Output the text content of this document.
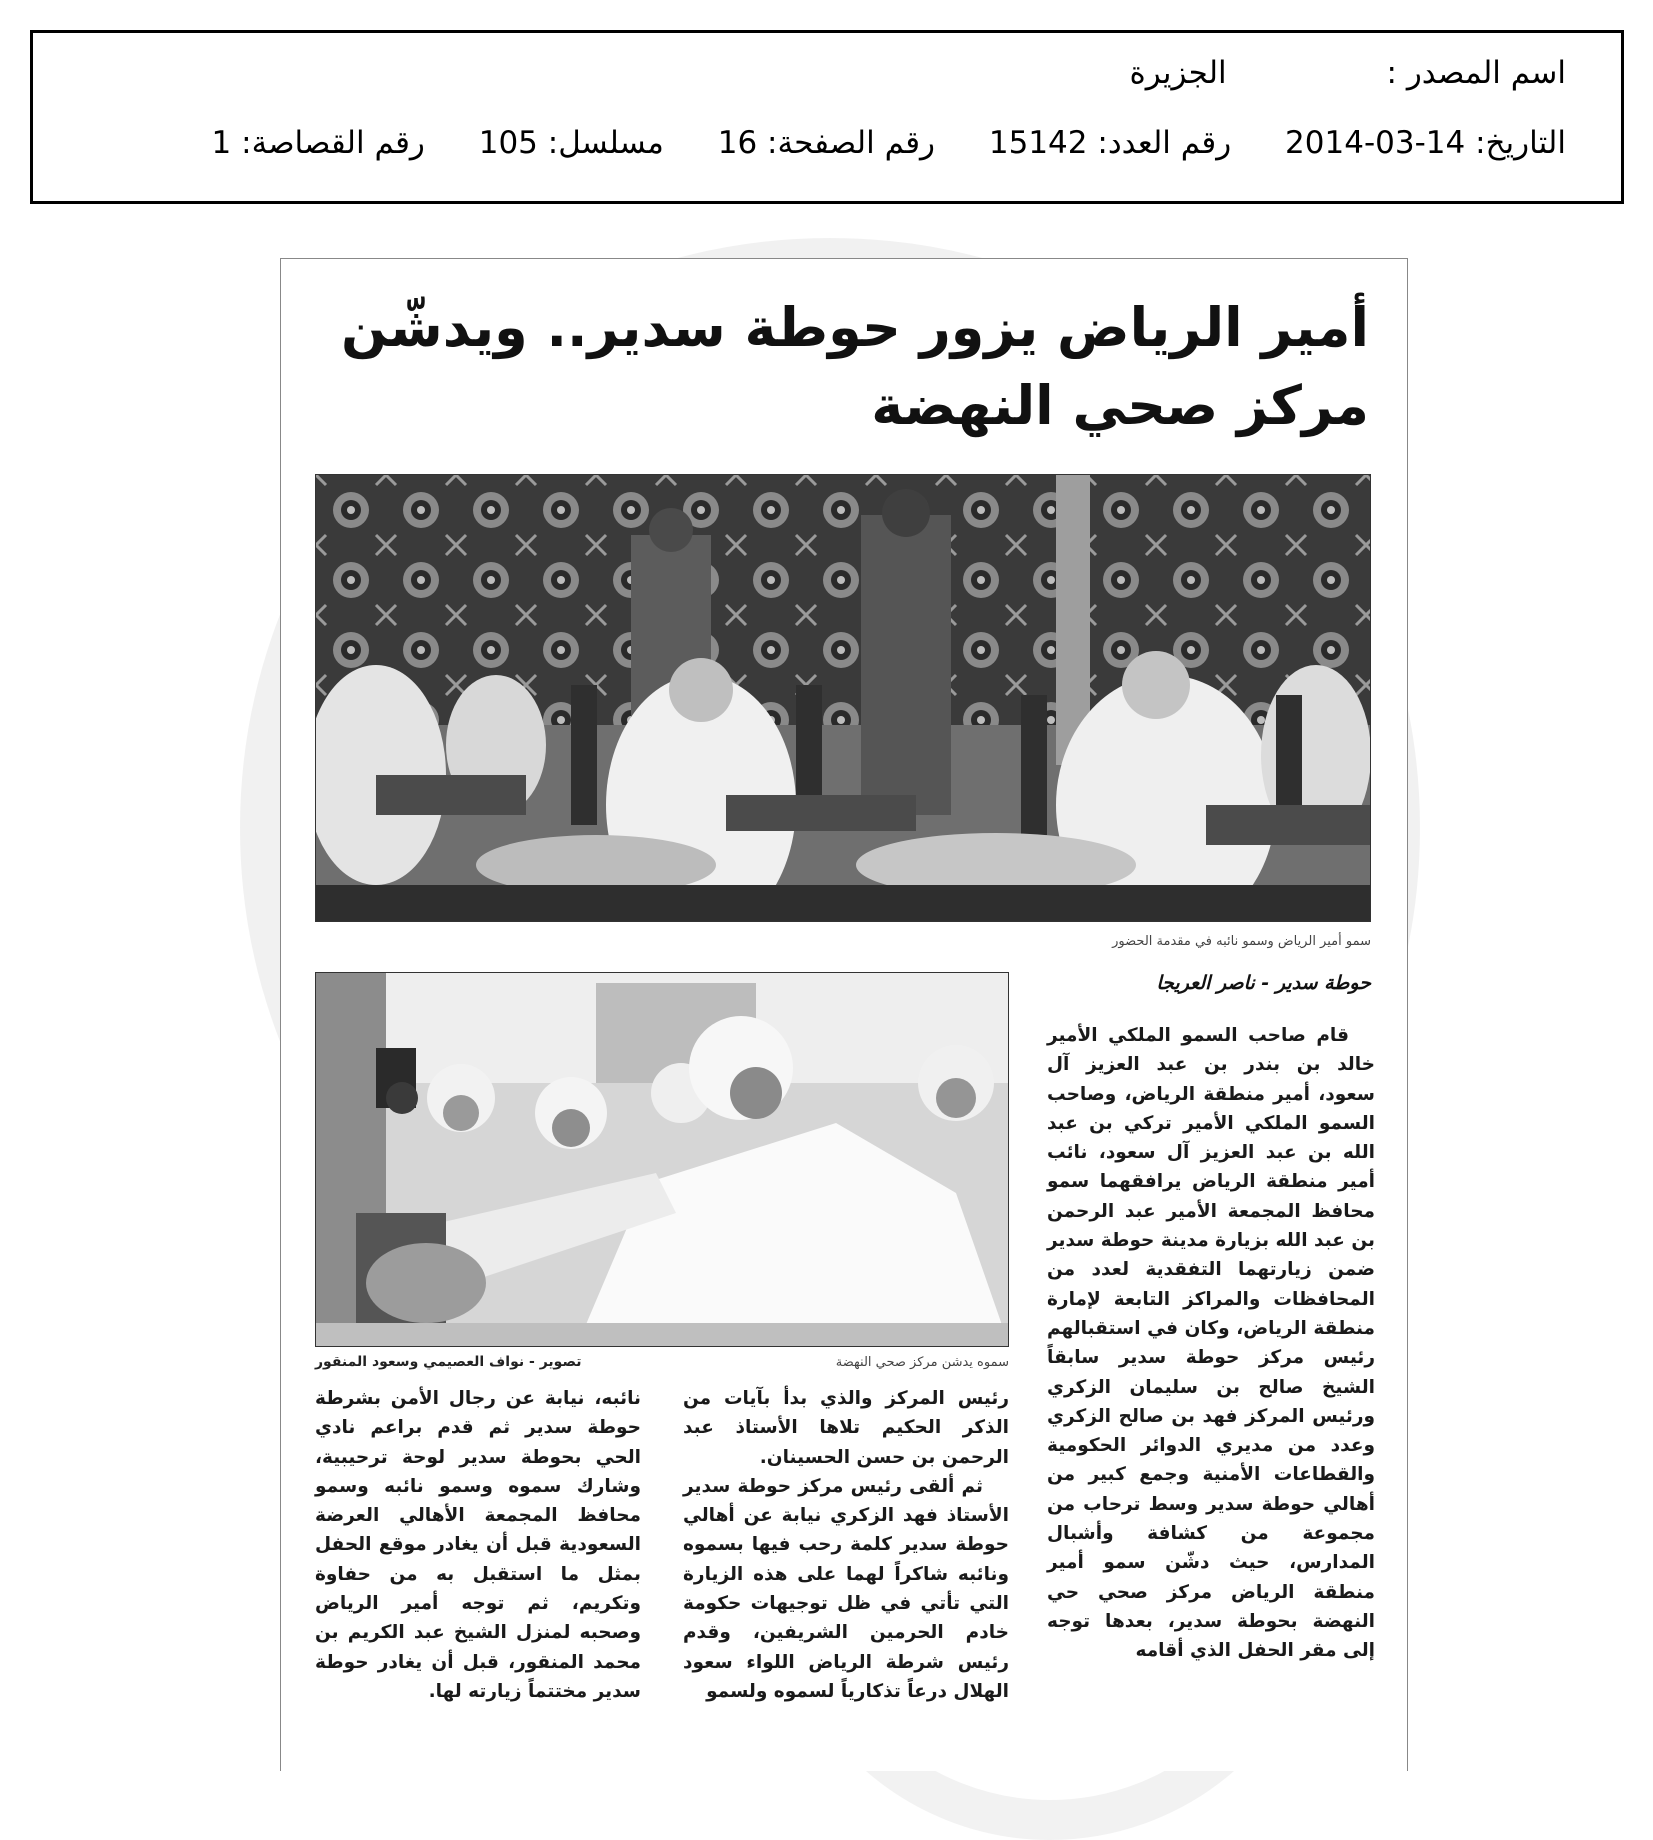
اسم المصدر : الجزيرة
التاريخ: 2014-03-14 رقم العدد: 15142 رقم الصفحة: 16 مسلسل: 105 رقم القصاصة: 1
أمير الرياض يزور حوطة سدير.. ويدشّن
مركز صحي النهضة
سمو أمير الرياض وسمو نائبه في مقدمة الحضور
حوطة سدير - ناصر العريجا
سموه يدشن مركز صحي النهضة
تصوير - نواف العصيمي وسعود المنقور

قام صاحب السمو الملكي الأمير خالد بن بندر بن عبد العزيز آل سعود، أمير منطقة الرياض، وصاحب السمو الملكي الأمير تركي بن عبد الله بن عبد العزيز آل سعود، نائب أمير منطقة الرياض يرافقهما سمو محافظ المجمعة الأمير عبد الرحمن بن عبد الله بزيارة مدينة حوطة سدير ضمن زيارتهما التفقدية لعدد من المحافظات والمراكز التابعة لإمارة منطقة الرياض، وكان في استقبالهم رئيس مركز حوطة سدير سابقاً الشيخ صالح بن سليمان الزكري ورئيس المركز فهد بن صالح الزكري وعدد من مديري الدوائر الحكومية والقطاعات الأمنية وجمع كبير من أهالي حوطة سدير وسط ترحاب من مجموعة من كشافة وأشبال المدارس، حيث دشّن سمو أمير منطقة الرياض مركز صحي حي النهضة بحوطة سدير، بعدها توجه إلى مقر الحفل الذي أقامه

رئيس المركز والذي بدأ بآيات من الذكر الحكيم تلاها الأستاذ عبد الرحمن بن حسن الحسينان.

ثم ألقى رئيس مركز حوطة سدير الأستاذ فهد الزكري نيابة عن أهالي حوطة سدير كلمة رحب فيها بسموه ونائبه شاكراً لهما على هذه الزيارة التي تأتي في ظل توجيهات حكومة خادم الحرمين الشريفين، وقدم رئيس شرطة الرياض اللواء سعود الهلال درعاً تذكارياً لسموه ولسمو

نائبه، نيابة عن رجال الأمن بشرطة حوطة سدير ثم قدم براعم نادي الحي بحوطة سدير لوحة ترحيبية، وشارك سموه وسمو نائبه وسمو محافظ المجمعة الأهالي العرضة السعودية قبل أن يغادر موقع الحفل بمثل ما استقبل به من حفاوة وتكريم، ثم توجه أمير الرياض وصحبه لمنزل الشيخ عبد الكريم بن محمد المنقور، قبل أن يغادر حوطة سدير مختتماً زيارته لها.
